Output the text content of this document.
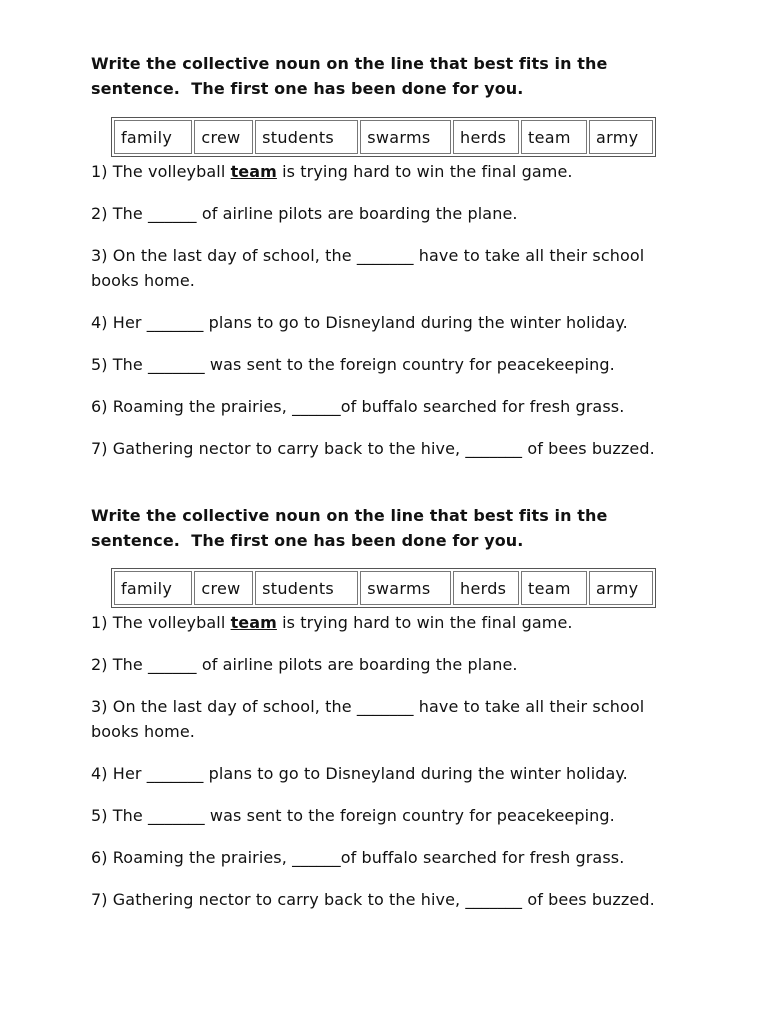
Write the collective noun on the line that best fits in the
sentence.  The first one has been done for you.
family	crew	students	swarms	herds	team	army

1) The volleyball team is trying hard to win the final game.

2) The ______ of airline pilots are boarding the plane.

3) On the last day of school, the _______ have to take all their school books home.

4) Her _______ plans to go to Disneyland during the winter holiday.

5) The _______ was sent to the foreign country for peacekeeping.

6) Roaming the prairies, ______of buffalo searched for fresh grass.

7) Gathering nector to carry back to the hive, _______ of bees buzzed.

Write the collective noun on the line that best fits in the
sentence.  The first one has been done for you.
family	crew	students	swarms	herds	team	army

1) The volleyball team is trying hard to win the final game.

2) The ______ of airline pilots are boarding the plane.

3) On the last day of school, the _______ have to take all their school books home.

4) Her _______ plans to go to Disneyland during the winter holiday.

5) The _______ was sent to the foreign country for peacekeeping.

6) Roaming the prairies, ______of buffalo searched for fresh grass.

7) Gathering nector to carry back to the hive, _______ of bees buzzed.
